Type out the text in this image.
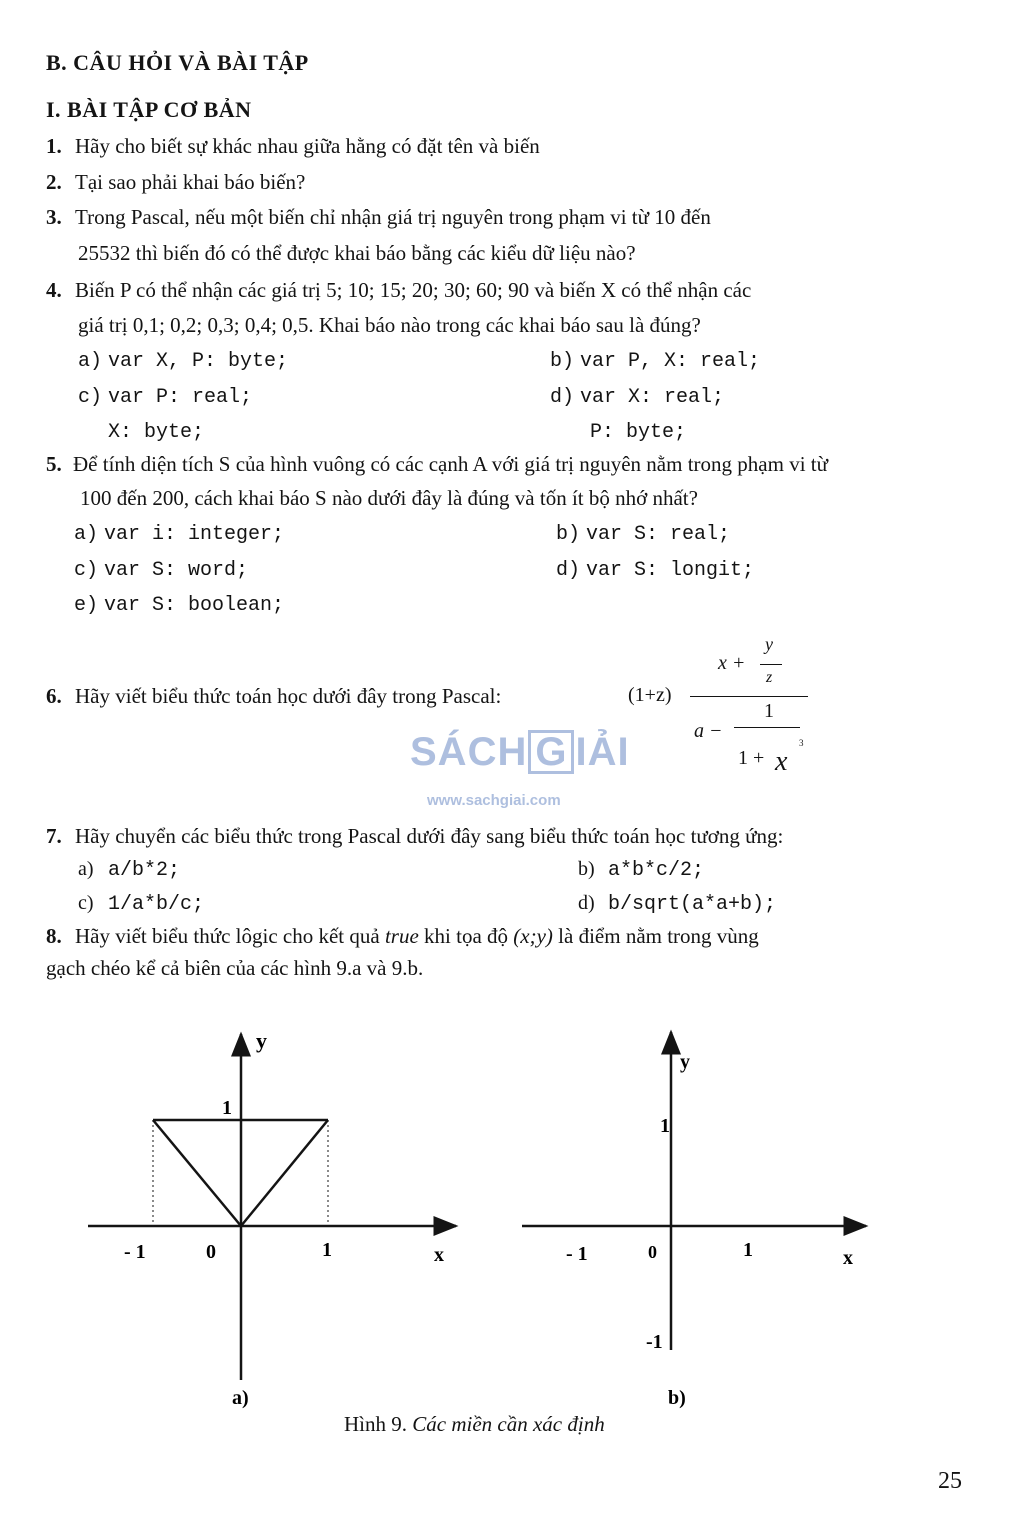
B. CÂU HỎI VÀ BÀI TẬP
I. BÀI TẬP CƠ BẢN
1. Hãy cho biết sự khác nhau giữa hằng có đặt tên và biến
2. Tại sao phải khai báo biến?
3. Trong Pascal, nếu một biến chỉ nhận giá trị nguyên trong phạm vi từ 10 đến
25532 thì biến đó có thể được khai báo bằng các kiểu dữ liệu nào?
4. Biến P có thể nhận các giá trị 5; 10; 15; 20; 30; 60; 90 và biến X có thể nhận các
giá trị 0,1; 0,2; 0,3; 0,4; 0,5. Khai báo nào trong các khai báo sau là đúng?
a) var X, P: byte;	b) var P, X: real;
c) var P: real;	d) var X: real;
X: byte;	P: byte;
5. Để tính diện tích S của hình vuông có các cạnh A với giá trị nguyên nằm trong phạm vi từ
100 đến 200, cách khai báo S nào dưới đây là đúng và tốn ít bộ nhớ nhất?
a) var i: integer;	b) var S: real;
c) var S: word;	d) var S: longit;
e) var S: boolean;
6. Hãy viết biểu thức toán học dưới đây trong Pascal:	(1+z)
x +
y
z
1
a −
1 + x
3
SÁCH G IẢI
www.sachgiai.com
7. Hãy chuyển các biểu thức trong Pascal dưới đây sang biểu thức toán học tương ứng:
a) a/b*2;	b) a*b*c/2;
c) 1/a*b/c;	d) b/sqrt(a*a+b);
8. Hãy viết biểu thức lôgic cho kết quả true khi tọa độ (x;y) là điểm nằm trong vùng
gạch chéo kể cả biên của các hình 9.a và 9.b.
y
1
- 1	0	1	x
a)
y
1
- 1	0	1	x
-1
b)
Hình 9. Các miền cần xác định
25
